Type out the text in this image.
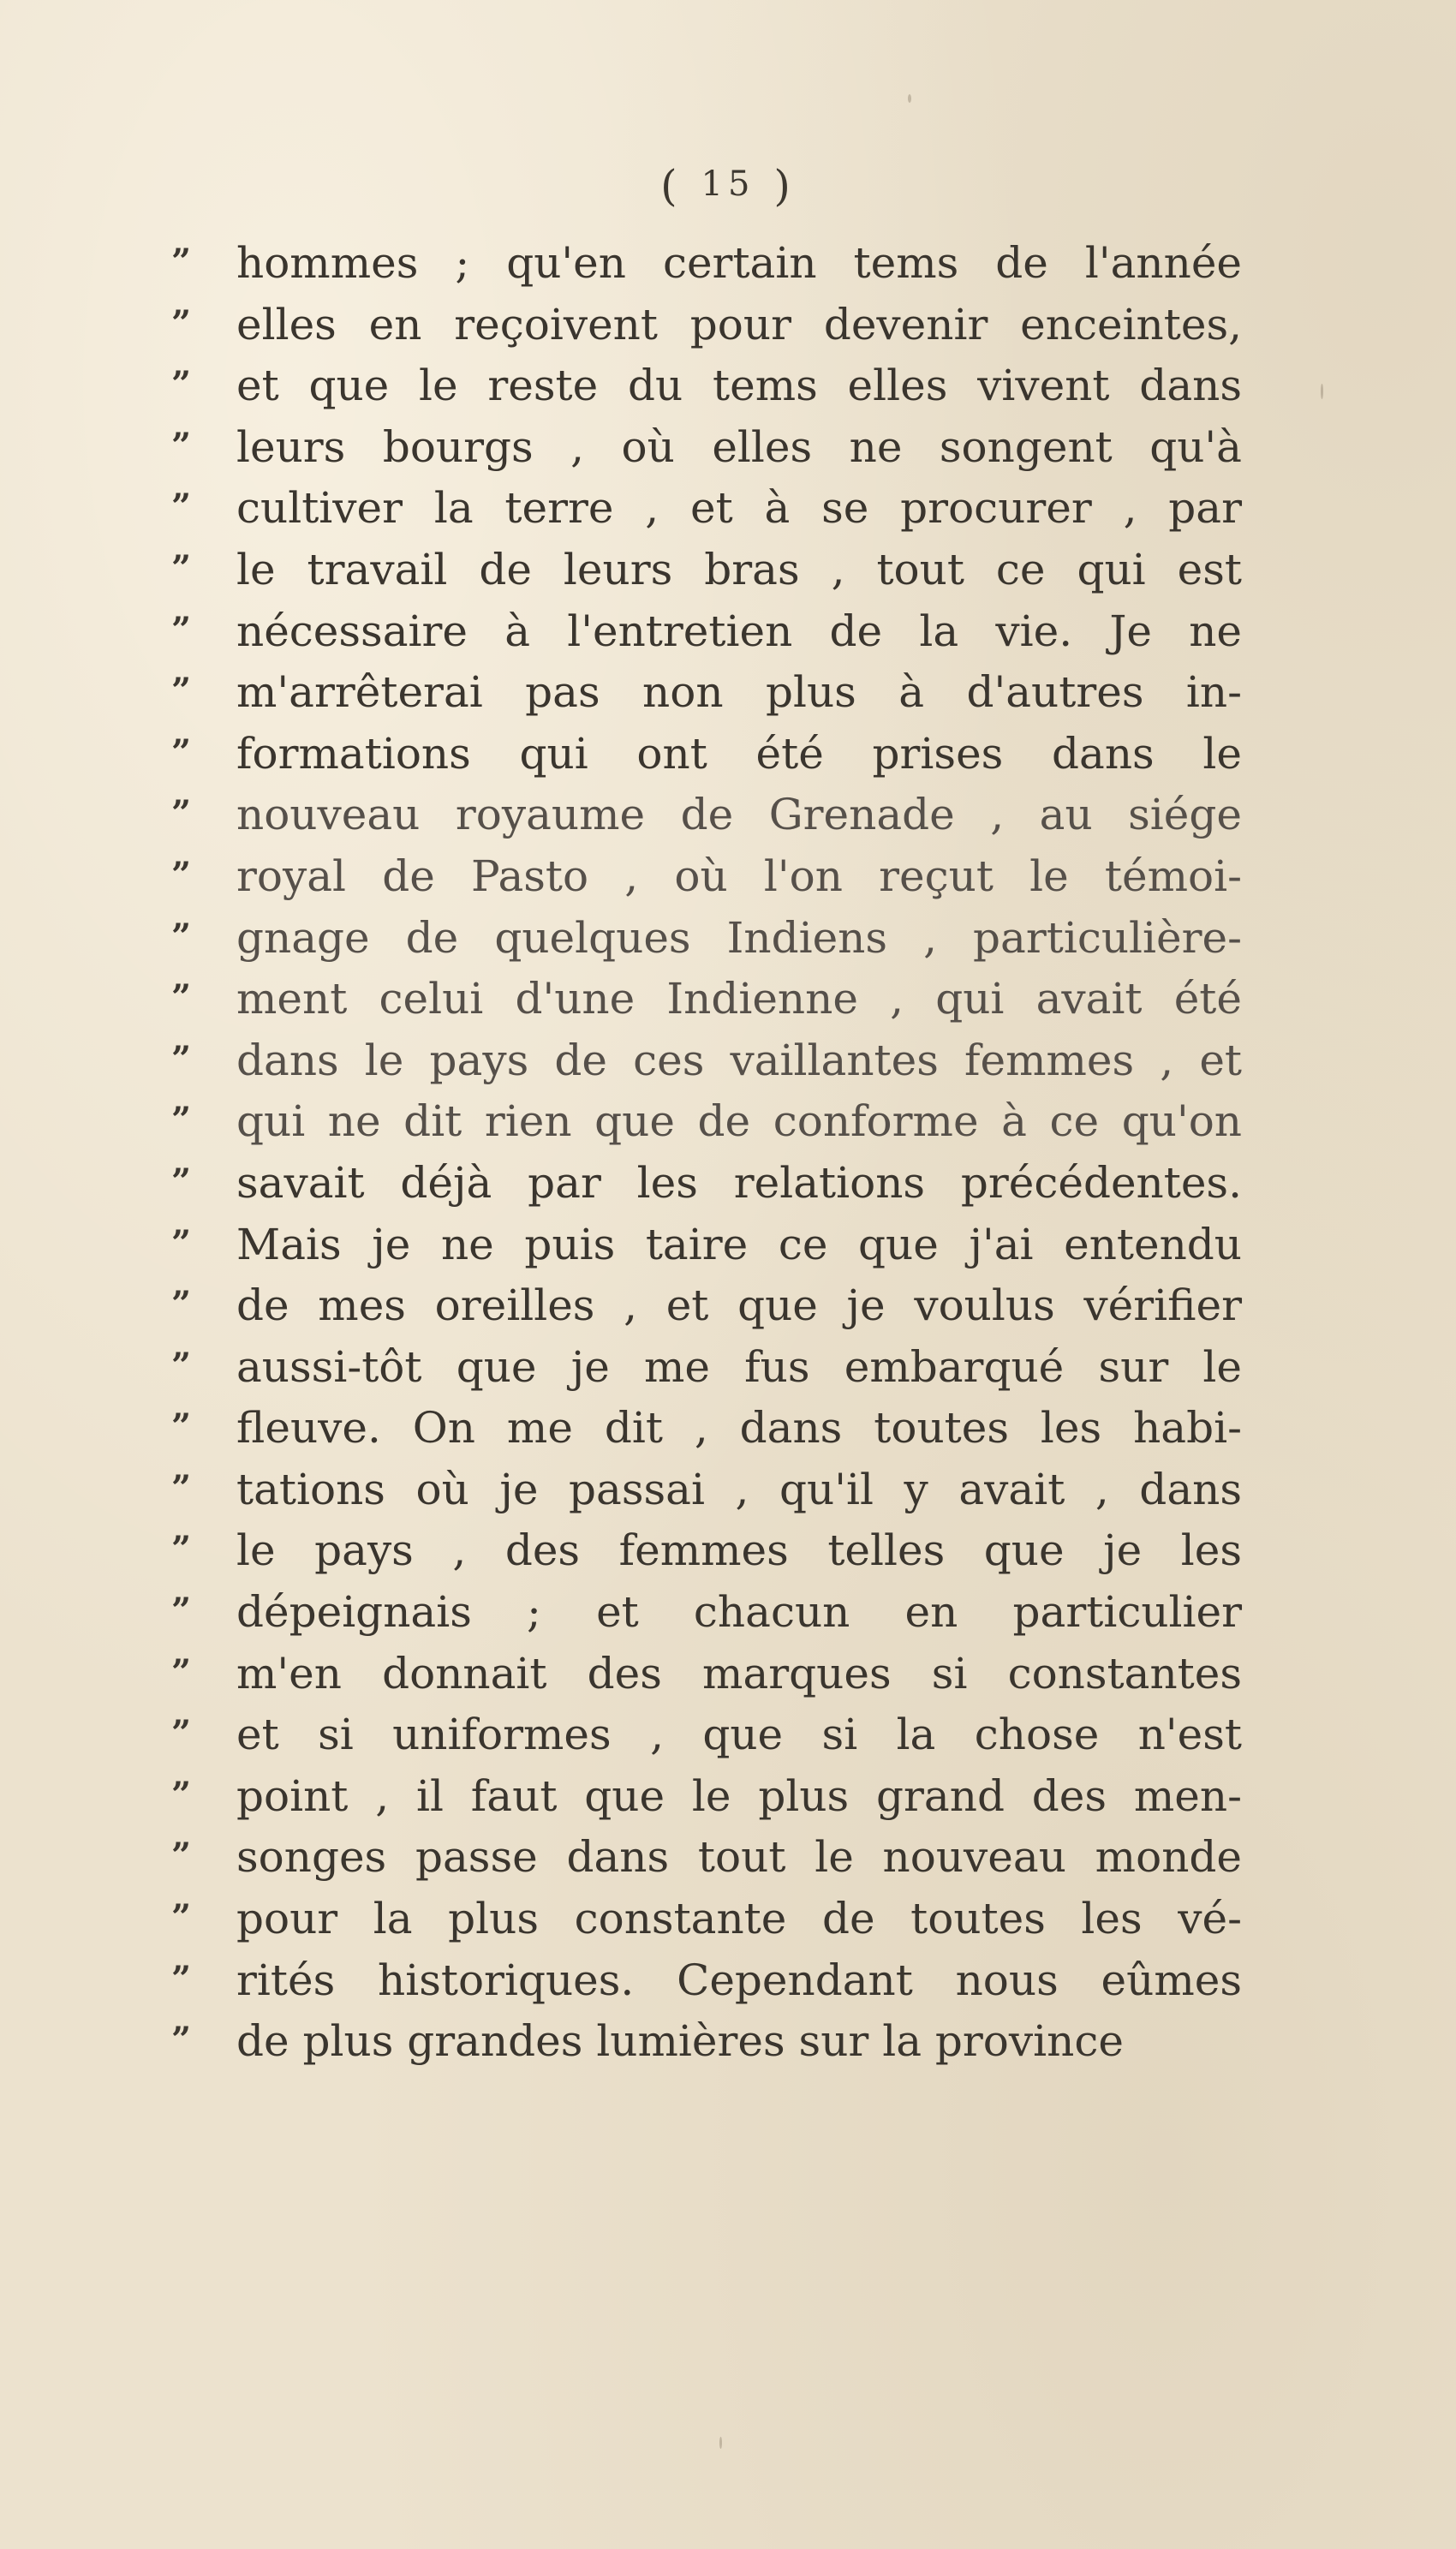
( 15 )
” hommes ; qu'en certain tems de l'année
” elles en reçoivent pour devenir enceintes,
” et que le reste du tems elles vivent dans
” leurs bourgs , où elles ne songent qu'à
” cultiver la terre , et à se procurer , par
” le travail de leurs bras , tout ce qui est
” nécessaire à l'entretien de la vie. Je ne
” m'arrêterai pas non plus à d'autres in-
” formations qui ont été prises dans le
” nouveau royaume de Grenade , au siége
” royal de Pasto , où l'on reçut le témoi-
” gnage de quelques Indiens , particulière-
” ment celui d'une Indienne , qui avait été
” dans le pays de ces vaillantes femmes , et
” qui ne dit rien que de conforme à ce qu'on
” savait déjà par les relations précédentes.
” Mais je ne puis taire ce que j'ai entendu
” de mes oreilles , et que je voulus vérifier
” aussi-tôt que je me fus embarqué sur le
” fleuve. On me dit , dans toutes les habi-
” tations où je passai , qu'il y avait , dans
” le pays , des femmes telles que je les
” dépeignais ; et chacun en particulier
” m'en donnait des marques si constantes
” et si uniformes , que si la chose n'est
” point , il faut que le plus grand des men-
” songes passe dans tout le nouveau monde
” pour la plus constante de toutes les vé-
” rités historiques. Cependant nous eûmes
” de plus grandes lumières sur la province
